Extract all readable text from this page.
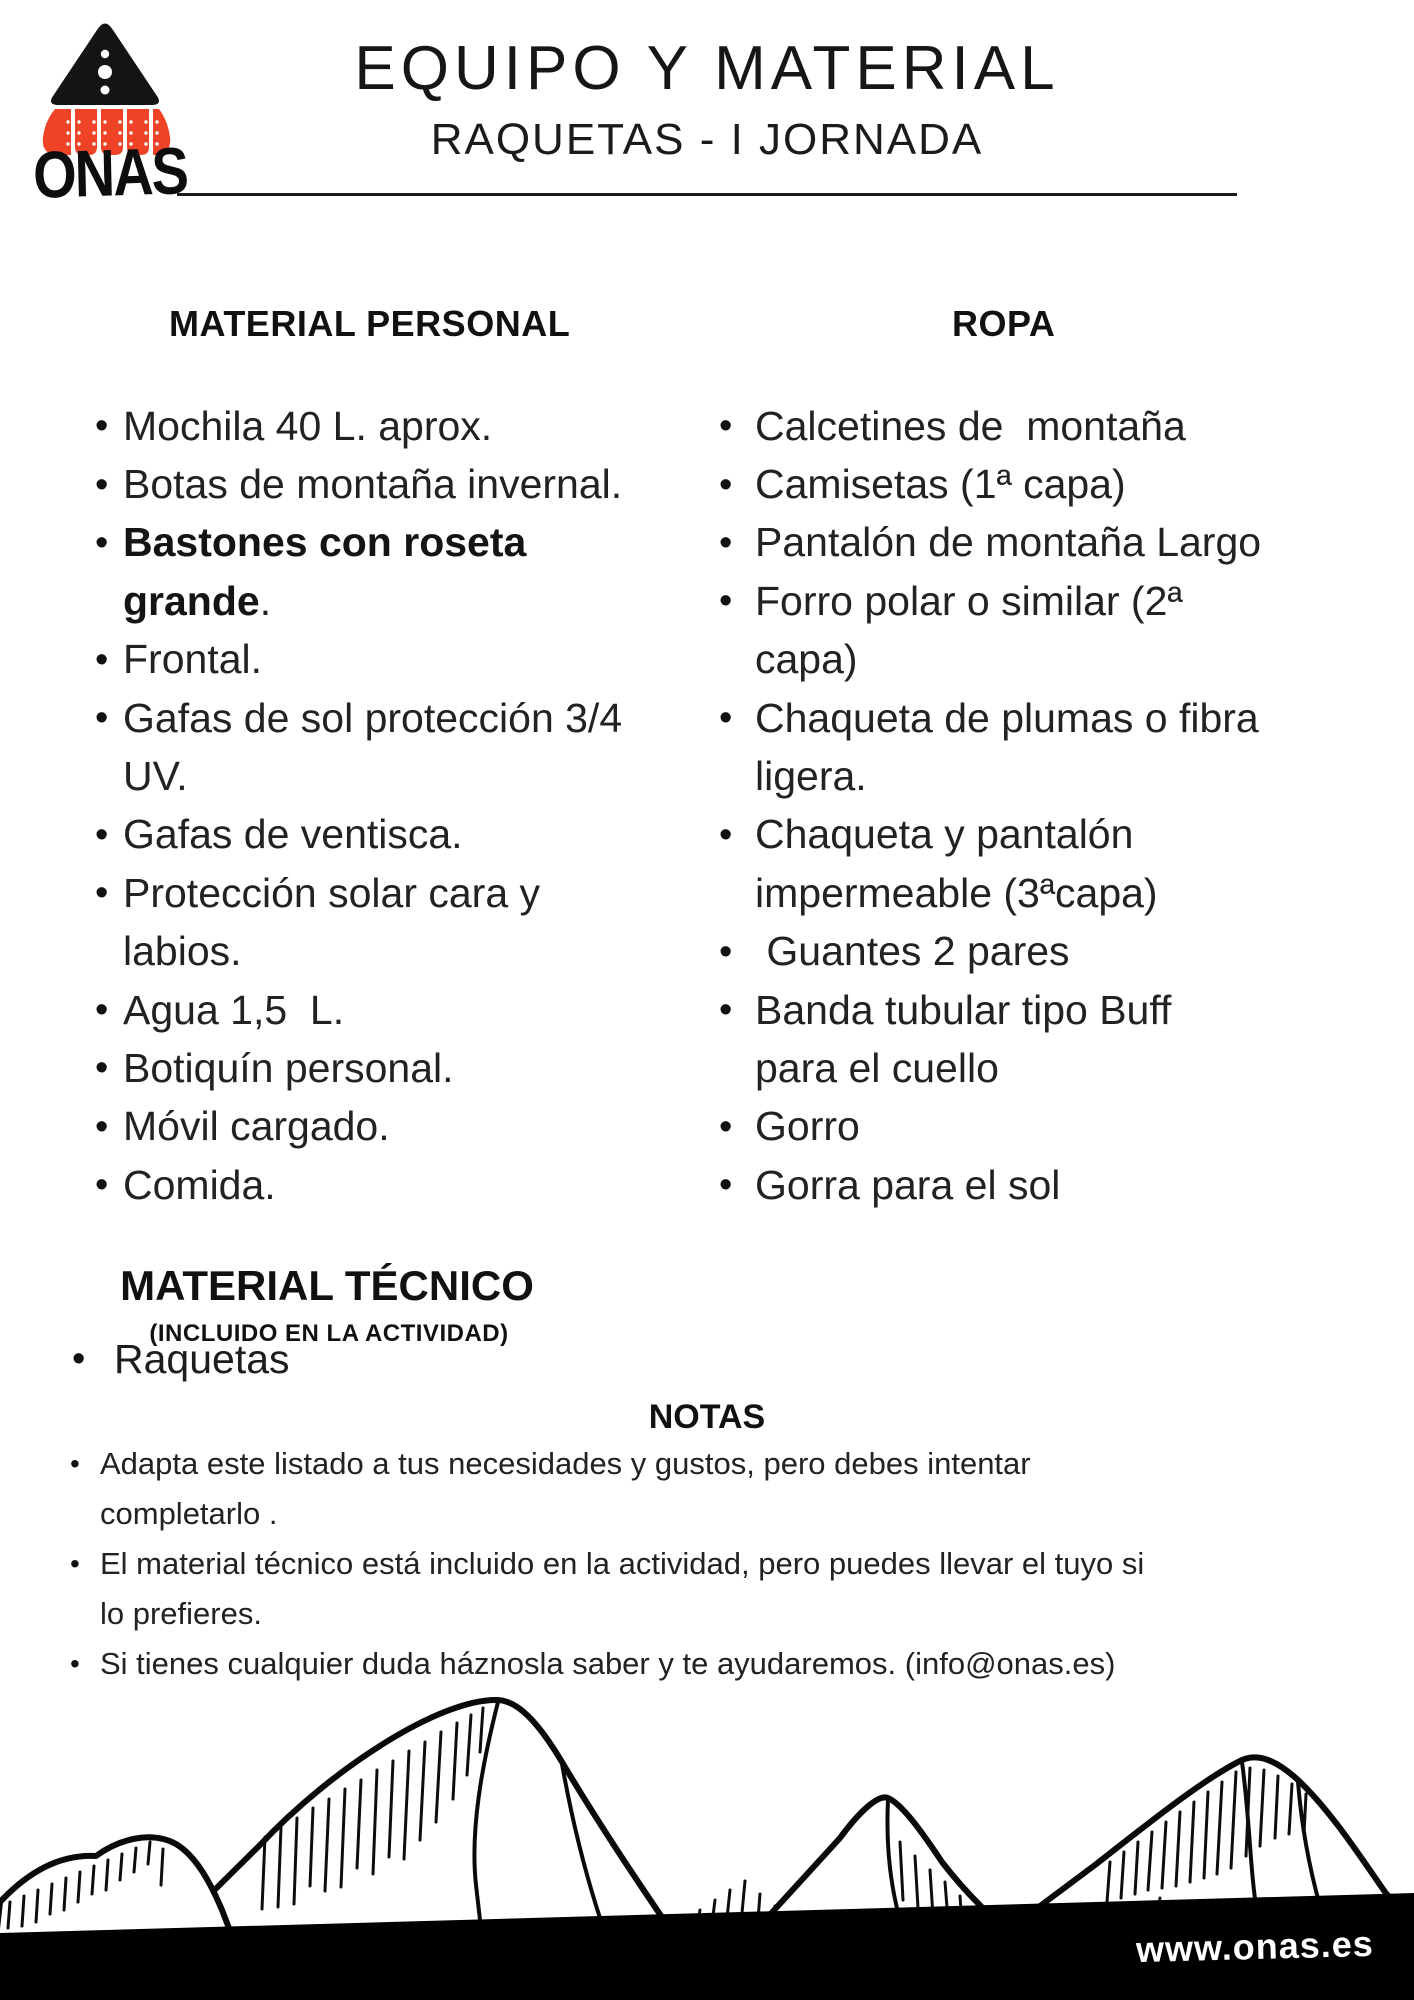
ONAS
EQUIPO Y MATERIAL
RAQUETAS - I JORNADA
MATERIAL PERSONAL	ROPA
• Mochila 40 L. aprox.
• Botas de montaña invernal.
• Bastones con roseta
grande .
• Frontal.
• Gafas de sol protección 3/4
UV.
• Gafas de ventisca.
• Protección solar cara y
labios.
• Agua 1,5  L.
• Botiquín personal.
• Móvil cargado.
• Comida.
• Calcetines de  montaña
• Camisetas (1ª capa)
• Pantalón de montaña Largo
• Forro polar o similar (2ª
capa)
• Chaqueta de plumas o fibra
ligera.
• Chaqueta y pantalón
impermeable (3ªcapa)
• Guantes 2 pares
• Banda tubular tipo Buff
para el cuello
• Gorro
• Gorra para el sol
MATERIAL TÉCNICO
(INCLUIDO EN LA ACTIVIDAD)
• Raquetas
NOTAS
• Adapta este listado a tus necesidades y gustos, pero debes intentar
completarlo .
• El material técnico está incluido en la actividad, pero puedes llevar el tuyo si
lo prefieres.
• Si tienes cualquier duda háznosla saber y te ayudaremos. (info@onas.es)
www.onas.es
